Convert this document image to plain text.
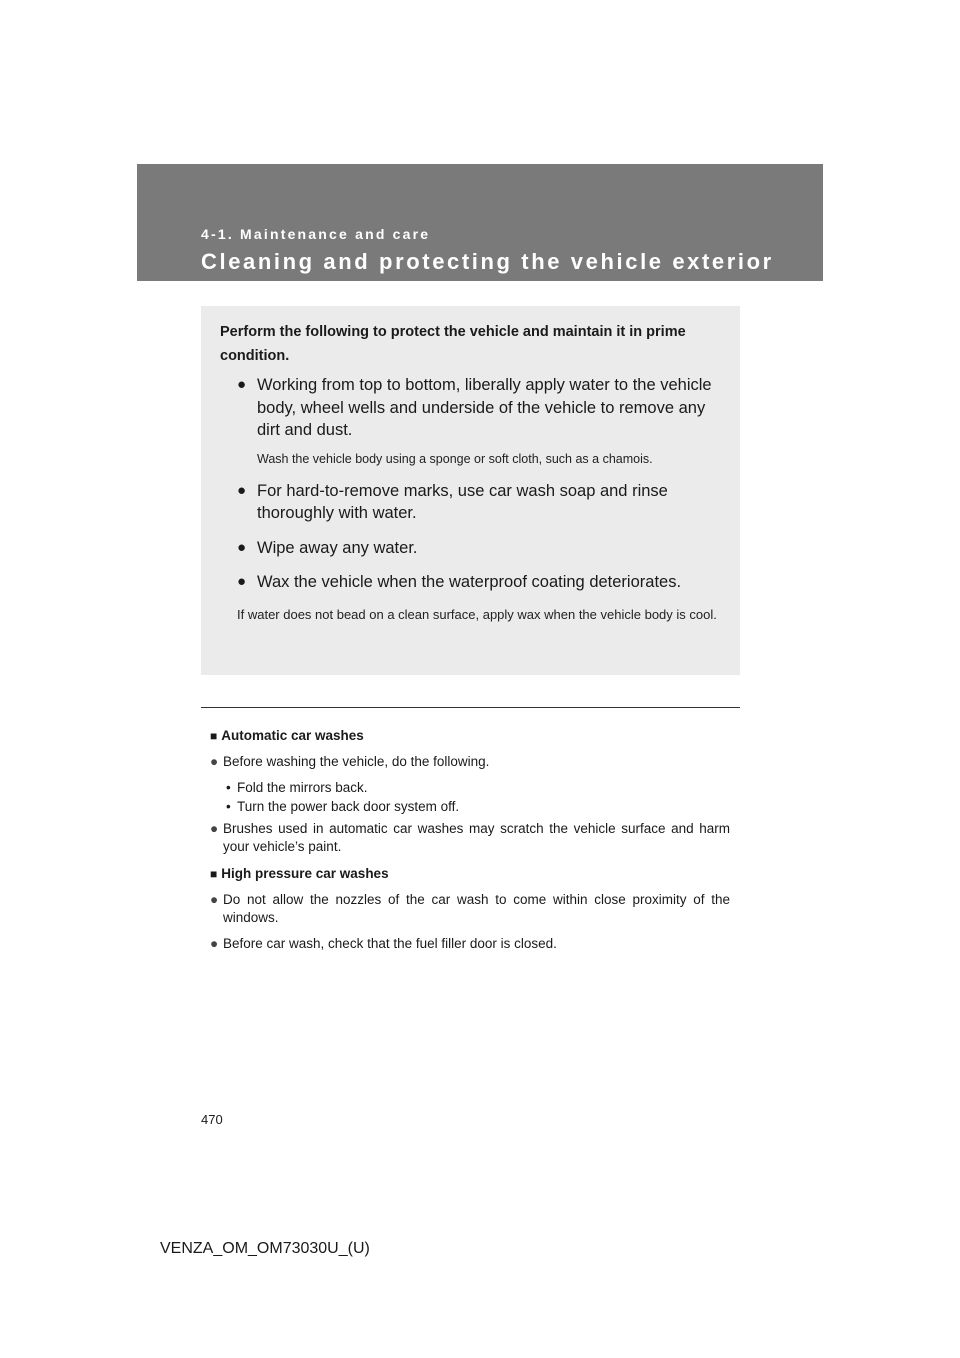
4-1. Maintenance and care
Cleaning and protecting the vehicle exterior

Perform the following to protect the vehicle and maintain it in prime condition.

● Working from top to bottom, liberally apply water to the vehicle body, wheel wells and underside of the vehicle to remove any dirt and dust.
Wash the vehicle body using a sponge or soft cloth, such as a chamois.
● For hard-to-remove marks, use car wash soap and rinse thoroughly with water.
● Wipe away any water.
● Wax the vehicle when the waterproof coating deteriorates.

If water does not bead on a clean surface, apply wax when the vehicle body is cool.

■ Automatic car washes

● Before washing the vehicle, do the following.

• Fold the mirrors back.
• Turn the power back door system off.

● Brushes used in automatic car washes may scratch the vehicle surface and harm your vehicle’s paint.

■ High pressure car washes

● Do not allow the nozzles of the car wash to come within close proximity of the windows.

● Before car wash, check that the fuel filler door is closed.

470
VENZA_OM_OM73030U_(U)
